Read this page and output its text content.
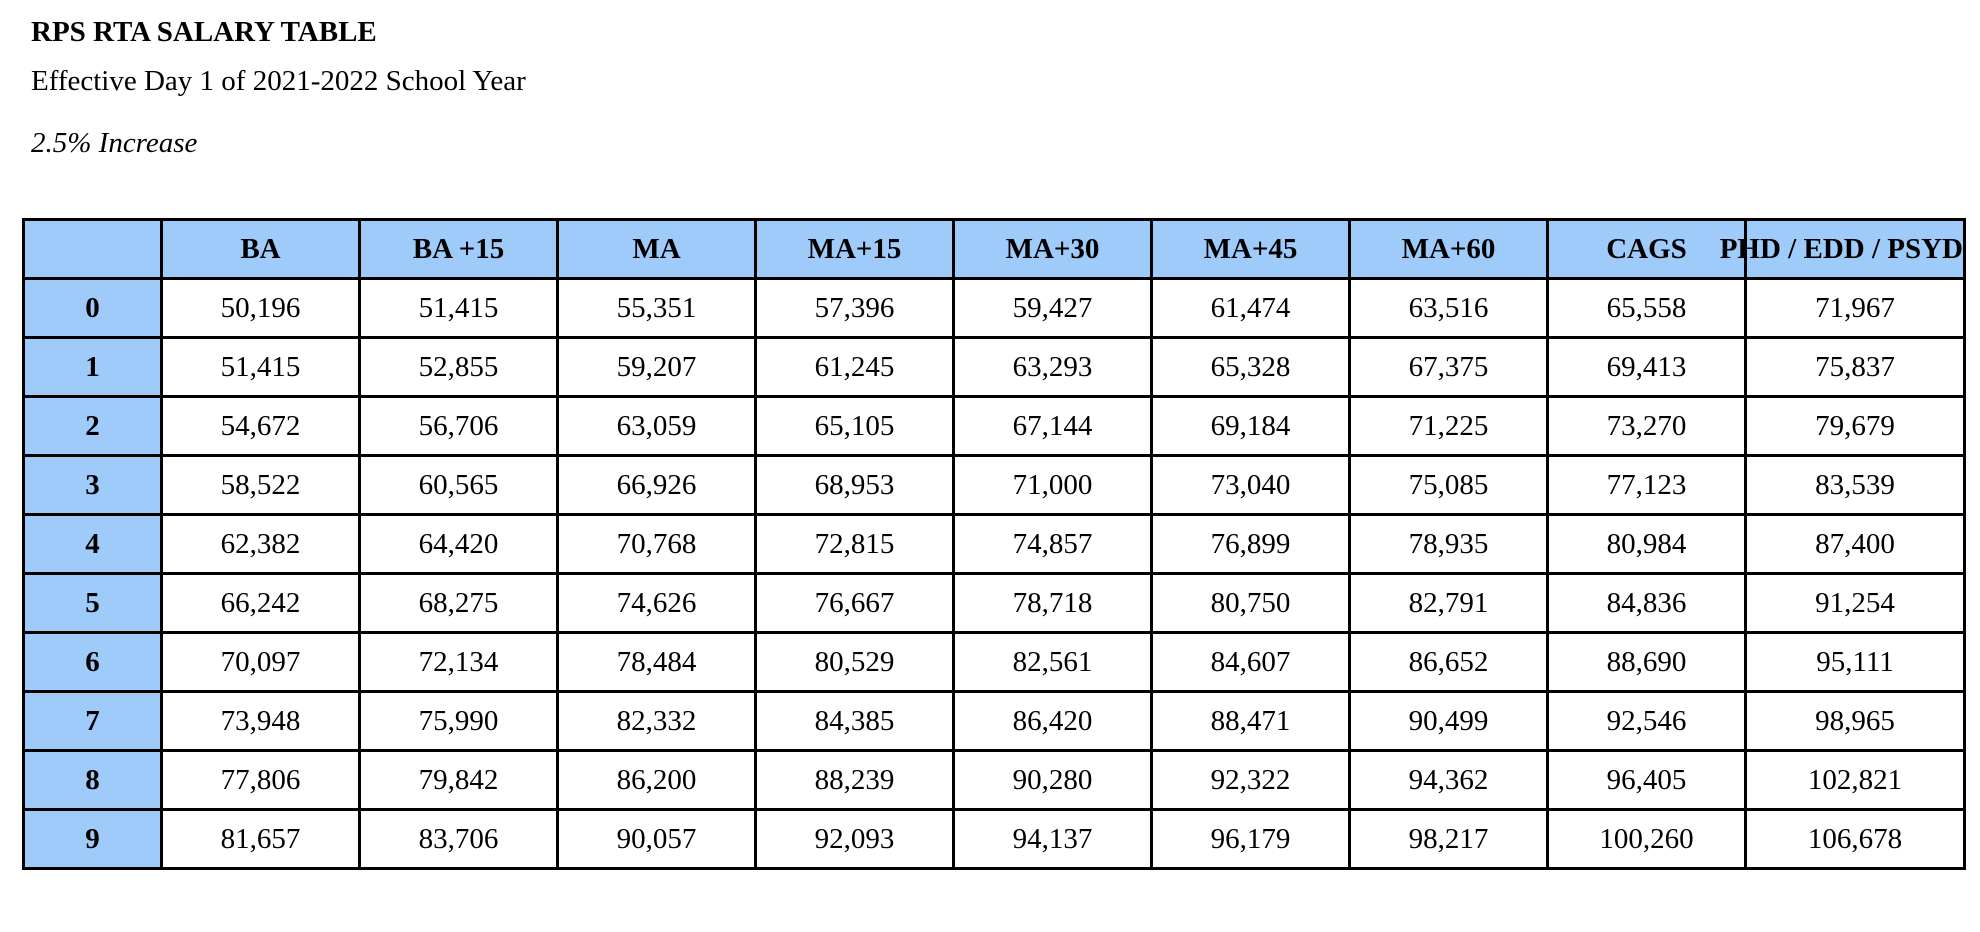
RPS RTA SALARY TABLE
Effective Day 1 of 2021-2022 School Year
2.5% Increase
	BA	BA +15	MA	MA+15	MA+30	MA+45	MA+60	CAGS	PHD / EDD / PSYD

0	50,196	51,415	55,351	57,396	59,427	61,474	63,516	65,558	71,967
1	51,415	52,855	59,207	61,245	63,293	65,328	67,375	69,413	75,837
2	54,672	56,706	63,059	65,105	67,144	69,184	71,225	73,270	79,679
3	58,522	60,565	66,926	68,953	71,000	73,040	75,085	77,123	83,539
4	62,382	64,420	70,768	72,815	74,857	76,899	78,935	80,984	87,400
5	66,242	68,275	74,626	76,667	78,718	80,750	82,791	84,836	91,254
6	70,097	72,134	78,484	80,529	82,561	84,607	86,652	88,690	95,111
7	73,948	75,990	82,332	84,385	86,420	88,471	90,499	92,546	98,965
8	77,806	79,842	86,200	88,239	90,280	92,322	94,362	96,405	102,821
9	81,657	83,706	90,057	92,093	94,137	96,179	98,217	100,260	106,678
